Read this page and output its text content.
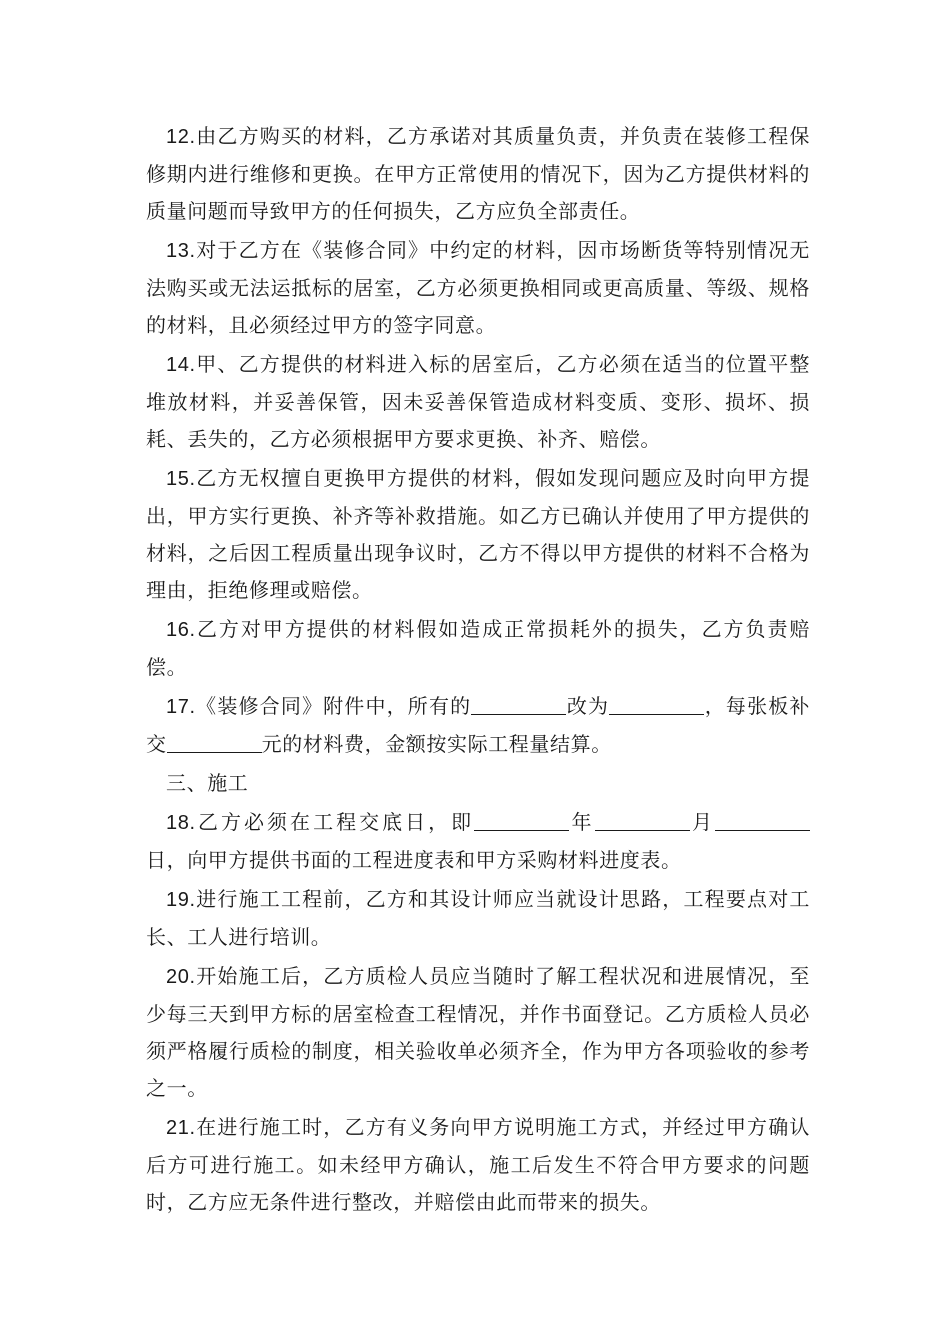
12.由乙方购买的材料，乙方承诺对其质量负责，并负责在装修工程保修期内进行维修和更换。在甲方正常使用的情况下，因为乙方提供材料的质量问题而导致甲方的任何损失，乙方应负全部责任。

13.对于乙方在《装修合同》中约定的材料，因市场断货等特别情况无法购买或无法运抵标的居室，乙方必须更换相同或更高质量、等级、规格的材料，且必须经过甲方的签字同意。

14.甲、乙方提供的材料进入标的居室后，乙方必须在适当的位置平整堆放材料，并妥善保管，因未妥善保管造成材料变质、变形、损坏、损耗、丢失的，乙方必须根据甲方要求更换、补齐、赔偿。

15.乙方无权擅自更换甲方提供的材料，假如发现问题应及时向甲方提出，甲方实行更换、补齐等补救措施。如乙方已确认并使用了甲方提供的材料，之后因工程质量出现争议时，乙方不得以甲方提供的材料不合格为理由，拒绝修理或赔偿。

16.乙方对甲方提供的材料假如造成正常损耗外的损失，乙方负责赔偿。

17.《装修合同》附件中，所有的	改为	，每张板补交	元的材料费，金额按实际工程量结算。

三、施工

18.乙方必须在工程交底日，即	年	月日，向甲方提供书面的工程进度表和甲方采购材料进度表。

19.进行施工工程前，乙方和其设计师应当就设计思路，工程要点对工长、工人进行培训。

20.开始施工后，乙方质检人员应当随时了解工程状况和进展情况，至少每三天到甲方标的居室检查工程情况，并作书面登记。乙方质检人员必须严格履行质检的制度，相关验收单必须齐全，作为甲方各项验收的参考之一。

21.在进行施工时，乙方有义务向甲方说明施工方式，并经过甲方确认后方可进行施工。如未经甲方确认，施工后发生不符合甲方要求的问题时，乙方应无条件进行整改，并赔偿由此而带来的损失。
